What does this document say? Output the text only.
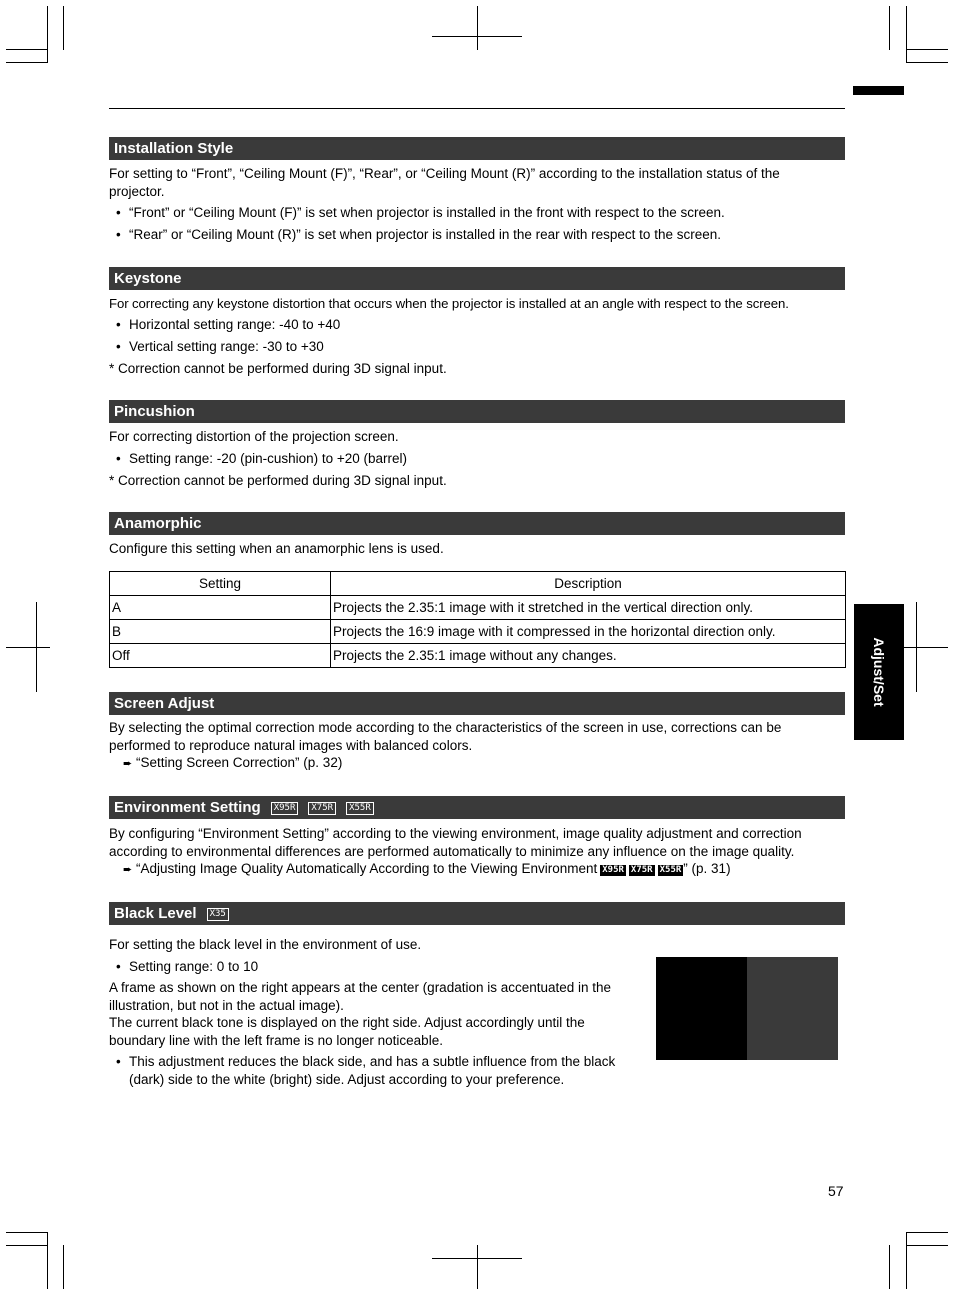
Adjust/Set
Installation Style
For setting to “Front”, “Ceiling Mount (F)”, “Rear”, or “Ceiling Mount (R)” according to the installation status of the
projector.
• “Front” or “Ceiling Mount (F)” is set when projector is installed in the front with respect to the screen.
• “Rear” or “Ceiling Mount (R)” is set when projector is installed in the rear with respect to the screen.
Keystone
For correcting any keystone distortion that occurs when the projector is installed at an angle with respect to the screen.
• Horizontal setting range: -40 to +40
• Vertical setting range: -30 to +30
* Correction cannot be performed during 3D signal input.
Pincushion
For correcting distortion of the projection screen.
• Setting range: -20 (pin-cushion) to +20 (barrel)
* Correction cannot be performed during 3D signal input.
Anamorphic
Configure this setting when an anamorphic lens is used.
Setting	Description
A	Projects the 2.35:1 image with it stretched in the vertical direction only.
B	Projects the 16:9 image with it compressed in the horizontal direction only.
Off	Projects the 2.35:1 image without any changes.
Screen Adjust
By selecting the optimal correction mode according to the characteristics of the screen in use, corrections can be
performed to reproduce natural images with balanced colors.
➨ “Setting Screen Correction” (p. 32)
Environment Setting X95R X75R X55R
By configuring “Environment Setting” according to the viewing environment, image quality adjustment and correction
according to environmental differences are performed automatically to minimize any influence on the image quality.
➨ “Adjusting Image Quality Automatically According to the Viewing Environment X95R X75R X55R ” (p. 31)
Black Level X35
For setting the black level in the environment of use.
• Setting range: 0 to 10
A frame as shown on the right appears at the center (gradation is accentuated in the
illustration, but not in the actual image).
The current black tone is displayed on the right side. Adjust accordingly until the
boundary line with the left frame is no longer noticeable.
• This adjustment reduces the black side, and has a subtle influence from the black
(dark) side to the white (bright) side. Adjust according to your preference.
57
